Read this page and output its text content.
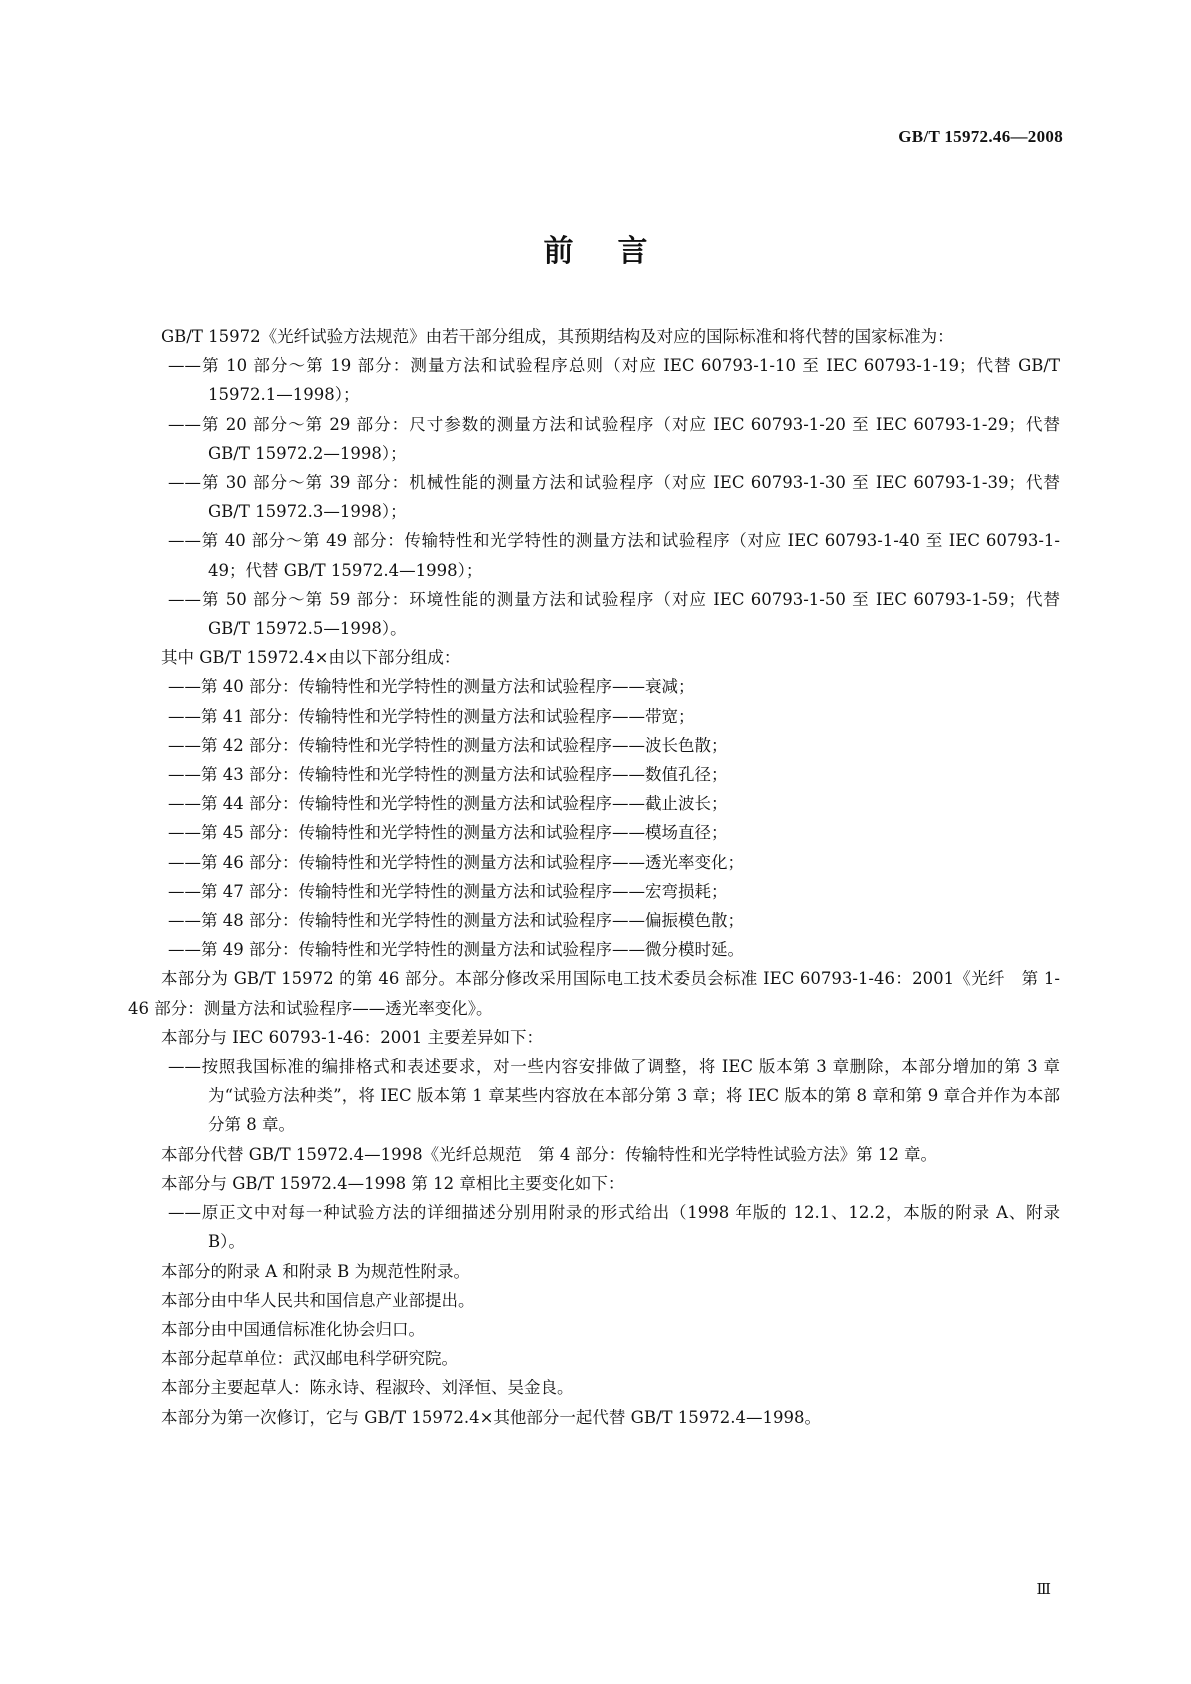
GB/T 15972.46—2008
前言

GB/T 15972《光纤试验方法规范》由若干部分组成，其预期结构及对应的国际标准和将代替的国家标准为：

——第 10 部分～第 19 部分：测量方法和试验程序总则（对应 IEC 60793-1-10 至 IEC 60793-1-19；代替 GB/T 15972.1—1998）；

——第 20 部分～第 29 部分：尺寸参数的测量方法和试验程序（对应 IEC 60793-1-20 至 IEC 60793-1-29；代替 GB/T 15972.2—1998）；

——第 30 部分～第 39 部分：机械性能的测量方法和试验程序（对应 IEC 60793-1-30 至 IEC 60793-1-39；代替 GB/T 15972.3—1998）；

——第 40 部分～第 49 部分：传输特性和光学特性的测量方法和试验程序（对应 IEC 60793-1-40 至 IEC 60793-1-49；代替 GB/T 15972.4—1998）；

——第 50 部分～第 59 部分：环境性能的测量方法和试验程序（对应 IEC 60793-1-50 至 IEC 60793-1-59；代替 GB/T 15972.5—1998）。

其中 GB/T 15972.4×由以下部分组成：

——第 40 部分：传输特性和光学特性的测量方法和试验程序——衰减；

——第 41 部分：传输特性和光学特性的测量方法和试验程序——带宽；

——第 42 部分：传输特性和光学特性的测量方法和试验程序——波长色散；

——第 43 部分：传输特性和光学特性的测量方法和试验程序——数值孔径；

——第 44 部分：传输特性和光学特性的测量方法和试验程序——截止波长；

——第 45 部分：传输特性和光学特性的测量方法和试验程序——模场直径；

——第 46 部分：传输特性和光学特性的测量方法和试验程序——透光率变化；

——第 47 部分：传输特性和光学特性的测量方法和试验程序——宏弯损耗；

——第 48 部分：传输特性和光学特性的测量方法和试验程序——偏振模色散；

——第 49 部分：传输特性和光学特性的测量方法和试验程序——微分模时延。

本部分为 GB/T 15972 的第 46 部分。本部分修改采用国际电工技术委员会标准 IEC 60793-1-46：2001《光纤　第 1-46 部分：测量方法和试验程序——透光率变化》。

本部分与 IEC 60793-1-46：2001 主要差异如下：

——按照我国标准的编排格式和表述要求，对一些内容安排做了调整，将 IEC 版本第 3 章删除，本部分增加的第 3 章为“试验方法种类”，将 IEC 版本第 1 章某些内容放在本部分第 3 章；将 IEC 版本的第 8 章和第 9 章合并作为本部分第 8 章。

本部分代替 GB/T 15972.4—1998《光纤总规范　第 4 部分：传输特性和光学特性试验方法》第 12 章。

本部分与 GB/T 15972.4—1998 第 12 章相比主要变化如下：

——原正文中对每一种试验方法的详细描述分别用附录的形式给出（1998 年版的 12.1、12.2，本版的附录 A、附录 B）。

本部分的附录 A 和附录 B 为规范性附录。

本部分由中华人民共和国信息产业部提出。

本部分由中国通信标准化协会归口。

本部分起草单位：武汉邮电科学研究院。

本部分主要起草人：陈永诗、程淑玲、刘泽恒、吴金良。

本部分为第一次修订，它与 GB/T 15972.4×其他部分一起代替 GB/T 15972.4—1998。

Ⅲ
